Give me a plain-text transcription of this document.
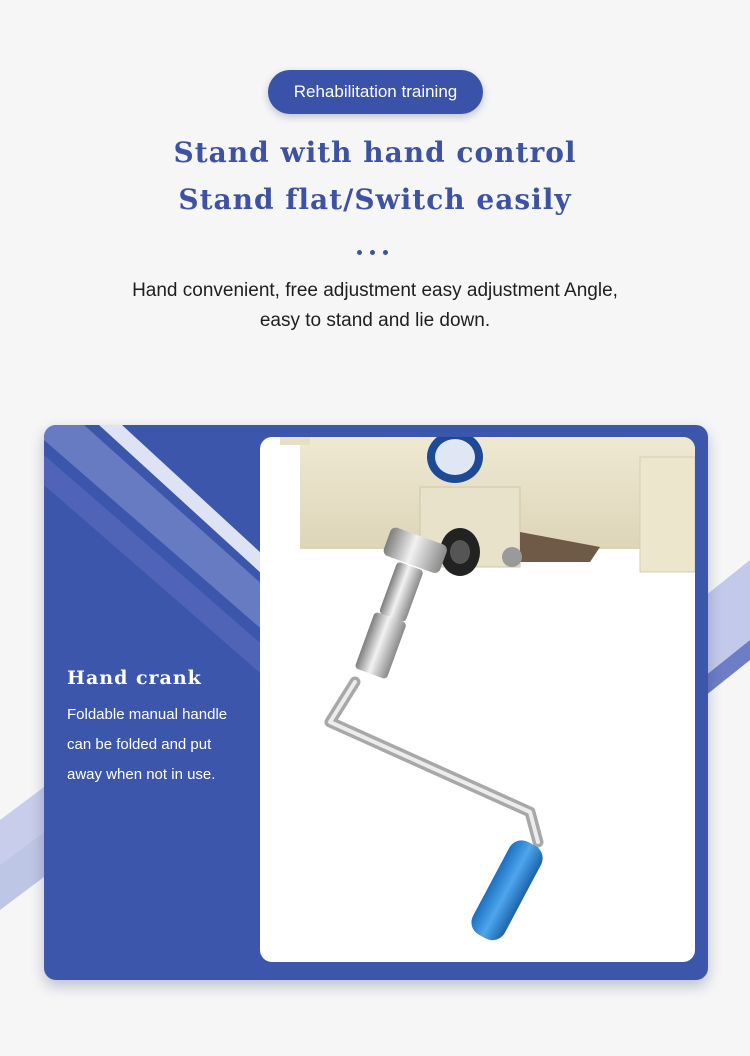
Rehabilitation training
Stand with hand control
Stand flat/Switch easily
Hand convenient, free adjustment easy adjustment Angle,
easy to stand and lie down.
Hand crank
Foldable manual handle
can be folded and put
away when not in use.
